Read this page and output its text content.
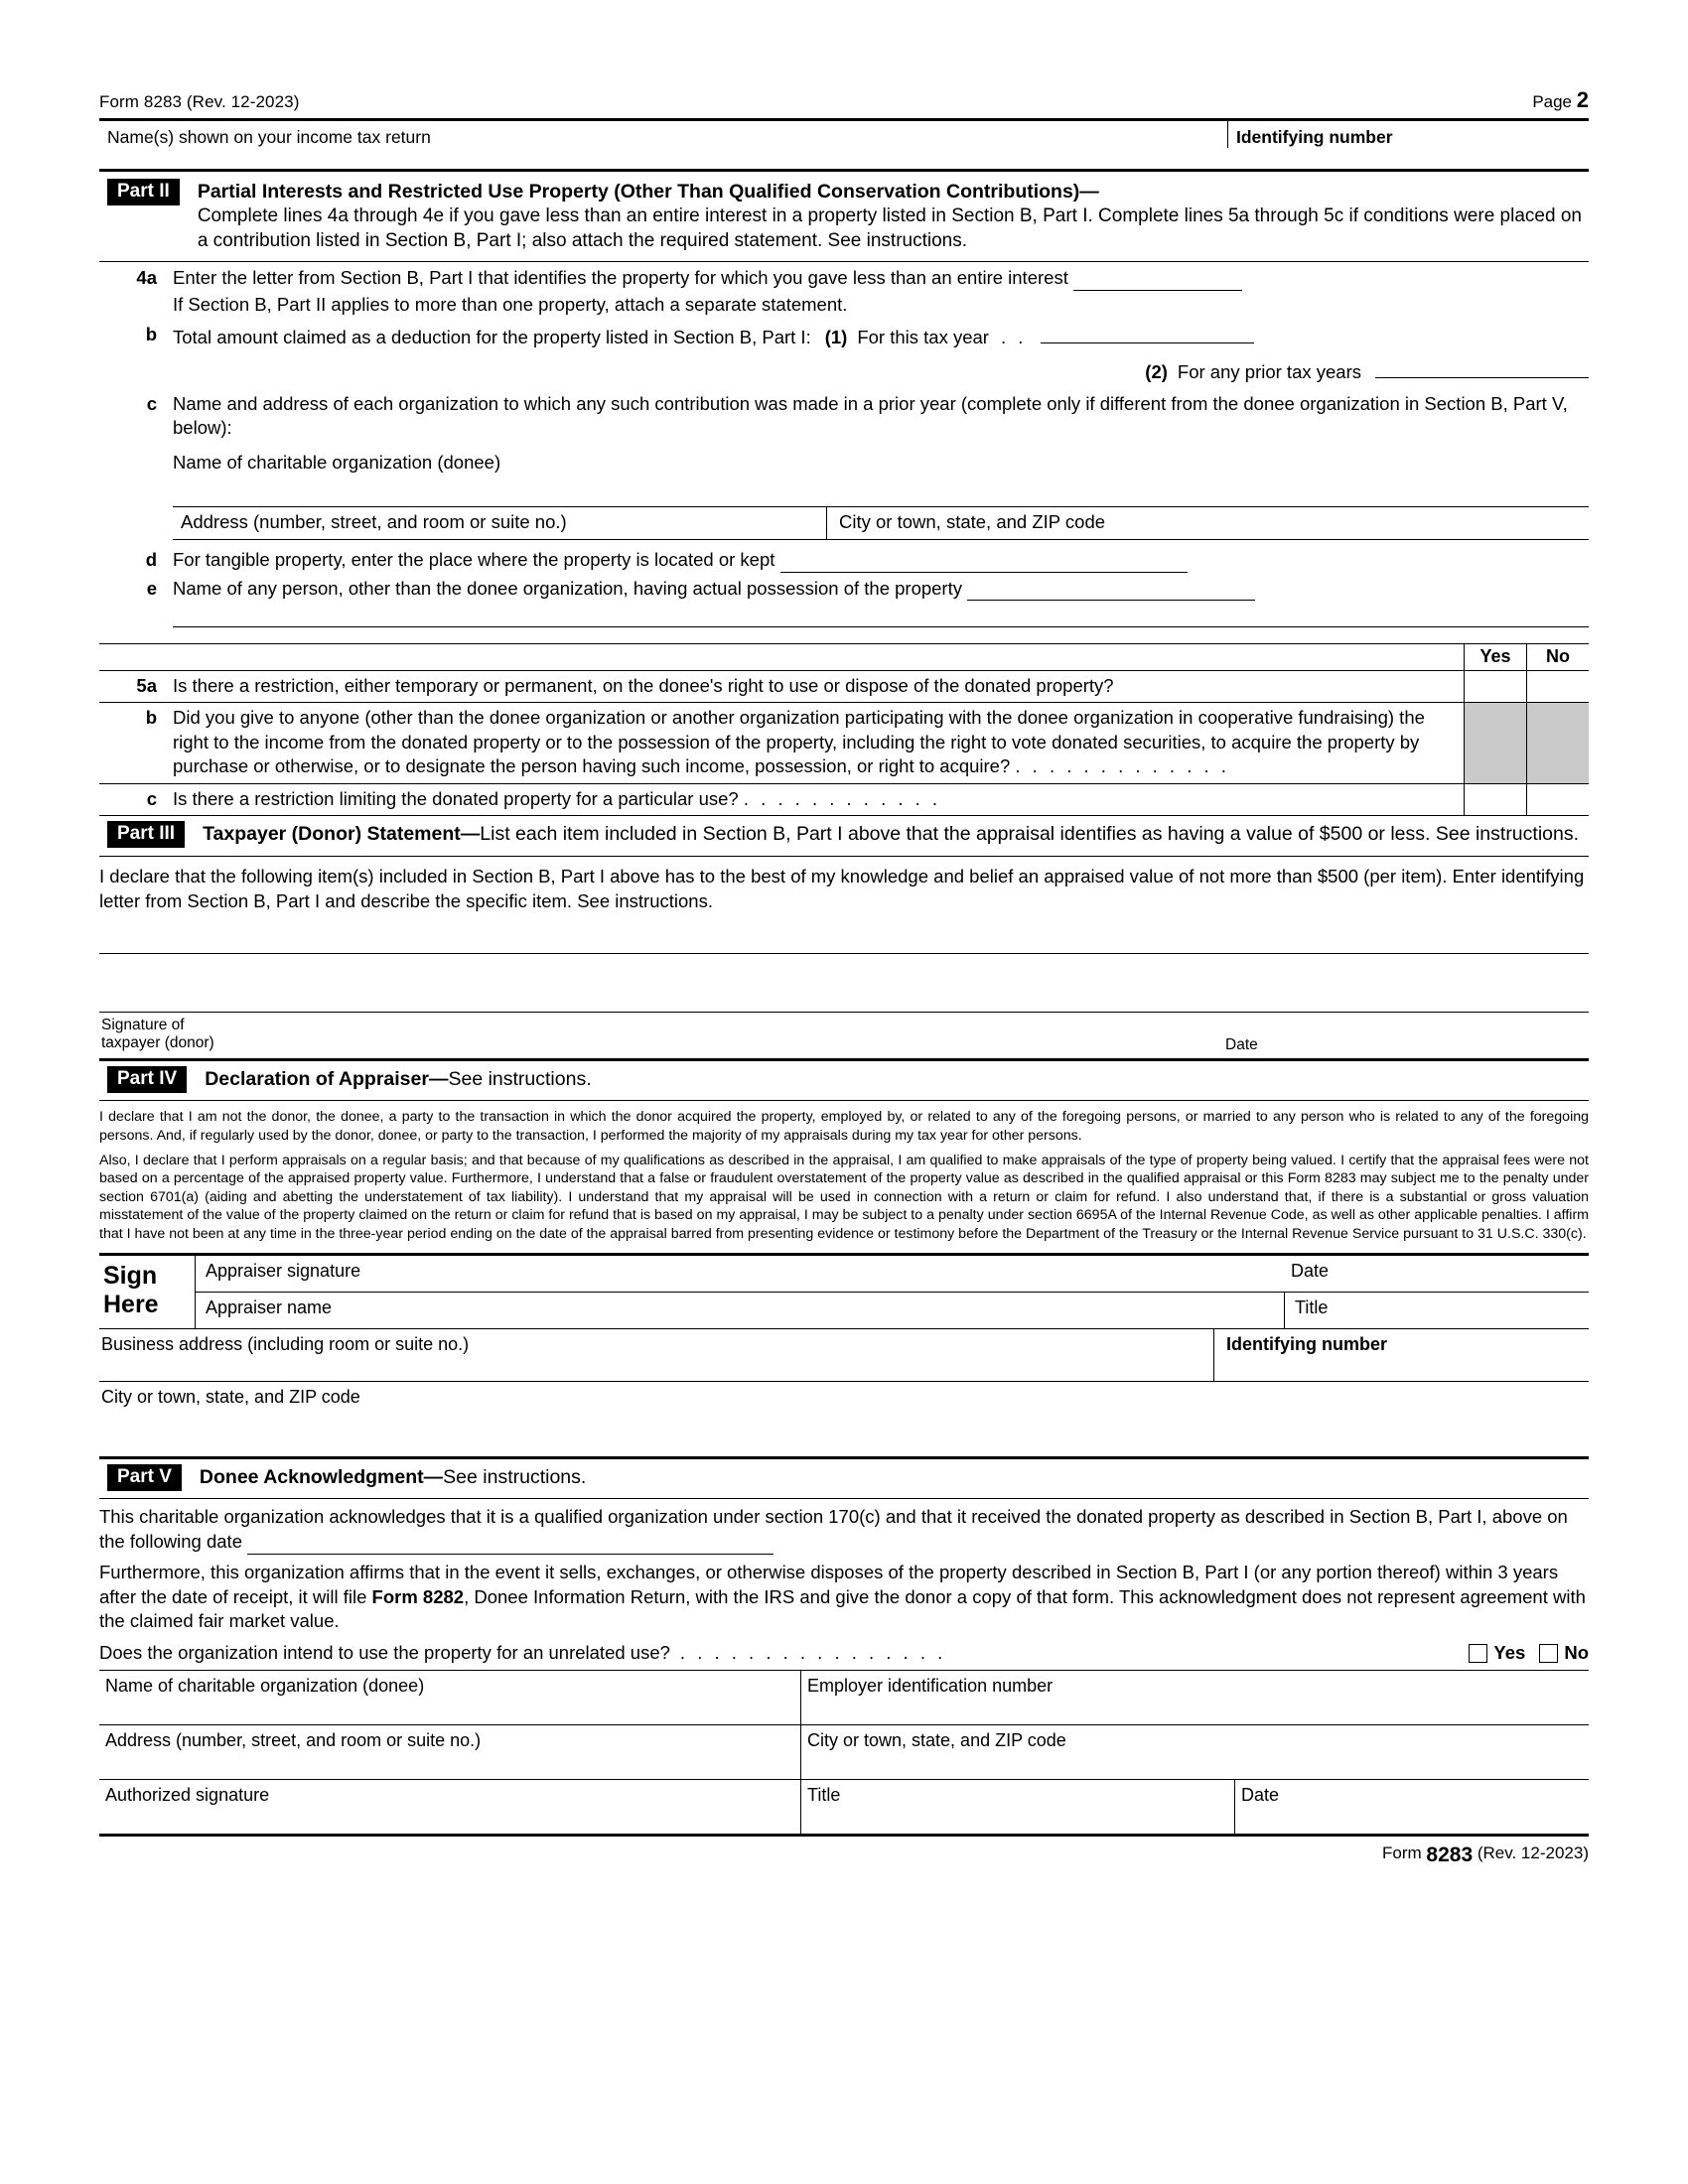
Form 8283 (Rev. 12-2023)	Page 2
Name(s) shown on your income tax return	Identifying number
Part II	Partial Interests and Restricted Use Property (Other Than Qualified Conservation Contributions)—
Complete lines 4a through 4e if you gave less than an entire interest in a property listed in Section B, Part I. Complete lines 5a through 5c if conditions were placed on a contribution listed in Section B, Part I; also attach the required statement. See instructions.
4a Enter the letter from Section B, Part I that identifies the property for which you gave less than an entire interest
If Section B, Part II applies to more than one property, attach a separate statement.
b Total amount claimed as a deduction for the property listed in Section B, Part I: (1) For this tax year . .
(2) For any prior tax years
c Name and address of each organization to which any such contribution was made in a prior year (complete only if different from the donee organization in Section B, Part V, below):
Name of charitable organization (donee)
Address (number, street, and room or suite no.)	City or town, state, and ZIP code
d For tangible property, enter the place where the property is located or kept
e Name of any person, other than the donee organization, having actual possession of the property
Yes	No
5a Is there a restriction, either temporary or permanent, on the donee's right to use or dispose of the donated property?
b Did you give to anyone (other than the donee organization or another organization participating with the donee organization in cooperative fundraising) the right to the income from the donated property or to the possession of the property, including the right to vote donated securities, to acquire the property by purchase or otherwise, or to designate the person having such income, possession, or right to acquire? . . . . . . . . . . . . .
c Is there a restriction limiting the donated property for a particular use? . . . . . . . . . . . .
Part III	Taxpayer (Donor) Statement—List each item included in Section B, Part I above that the appraisal identifies as having a value of $500 or less. See instructions.
I declare that the following item(s) included in Section B, Part I above has to the best of my knowledge and belief an appraised value of not more than $500 (per item). Enter identifying letter from Section B, Part I and describe the specific item. See instructions.
Signature of
taxpayer (donor)	Date
Part IV	Declaration of Appraiser—See instructions.
I declare that I am not the donor, the donee, a party to the transaction in which the donor acquired the property, employed by, or related to any of the foregoing persons, or married to any person who is related to any of the foregoing persons. And, if regularly used by the donor, donee, or party to the transaction, I performed the majority of my appraisals during my tax year for other persons.
Also, I declare that I perform appraisals on a regular basis; and that because of my qualifications as described in the appraisal, I am qualified to make appraisals of the type of property being valued. I certify that the appraisal fees were not based on a percentage of the appraised property value. Furthermore, I understand that a false or fraudulent overstatement of the property value as described in the qualified appraisal or this Form 8283 may subject me to the penalty under section 6701(a) (aiding and abetting the understatement of tax liability). I understand that my appraisal will be used in connection with a return or claim for refund. I also understand that, if there is a substantial or gross valuation misstatement of the value of the property claimed on the return or claim for refund that is based on my appraisal, I may be subject to a penalty under section 6695A of the Internal Revenue Code, as well as other applicable penalties. I affirm that I have not been at any time in the three-year period ending on the date of the appraisal barred from presenting evidence or testimony before the Department of the Treasury or the Internal Revenue Service pursuant to 31 U.S.C. 330(c).
Sign
Here
Appraiser signature	Date
Appraiser name	Title
Business address (including room or suite no.)	Identifying number
City or town, state, and ZIP code
Part V	Donee Acknowledgment—See instructions.
This charitable organization acknowledges that it is a qualified organization under section 170(c) and that it received the donated property as described in Section B, Part I, above on the following date
Furthermore, this organization affirms that in the event it sells, exchanges, or otherwise disposes of the property described in Section B, Part I (or any portion thereof) within 3 years after the date of receipt, it will file Form 8282, Donee Information Return, with the IRS and give the donor a copy of that form. This acknowledgment does not represent agreement with the claimed fair market value.
Does the organization intend to use the property for an unrelated use? . . . . . . . . . . . . . . . .	Yes No
Name of charitable organization (donee)	Employer identification number
Address (number, street, and room or suite no.)	City or town, state, and ZIP code
Authorized signature	Title	Date
Form
8283
(Rev. 12-2023)
